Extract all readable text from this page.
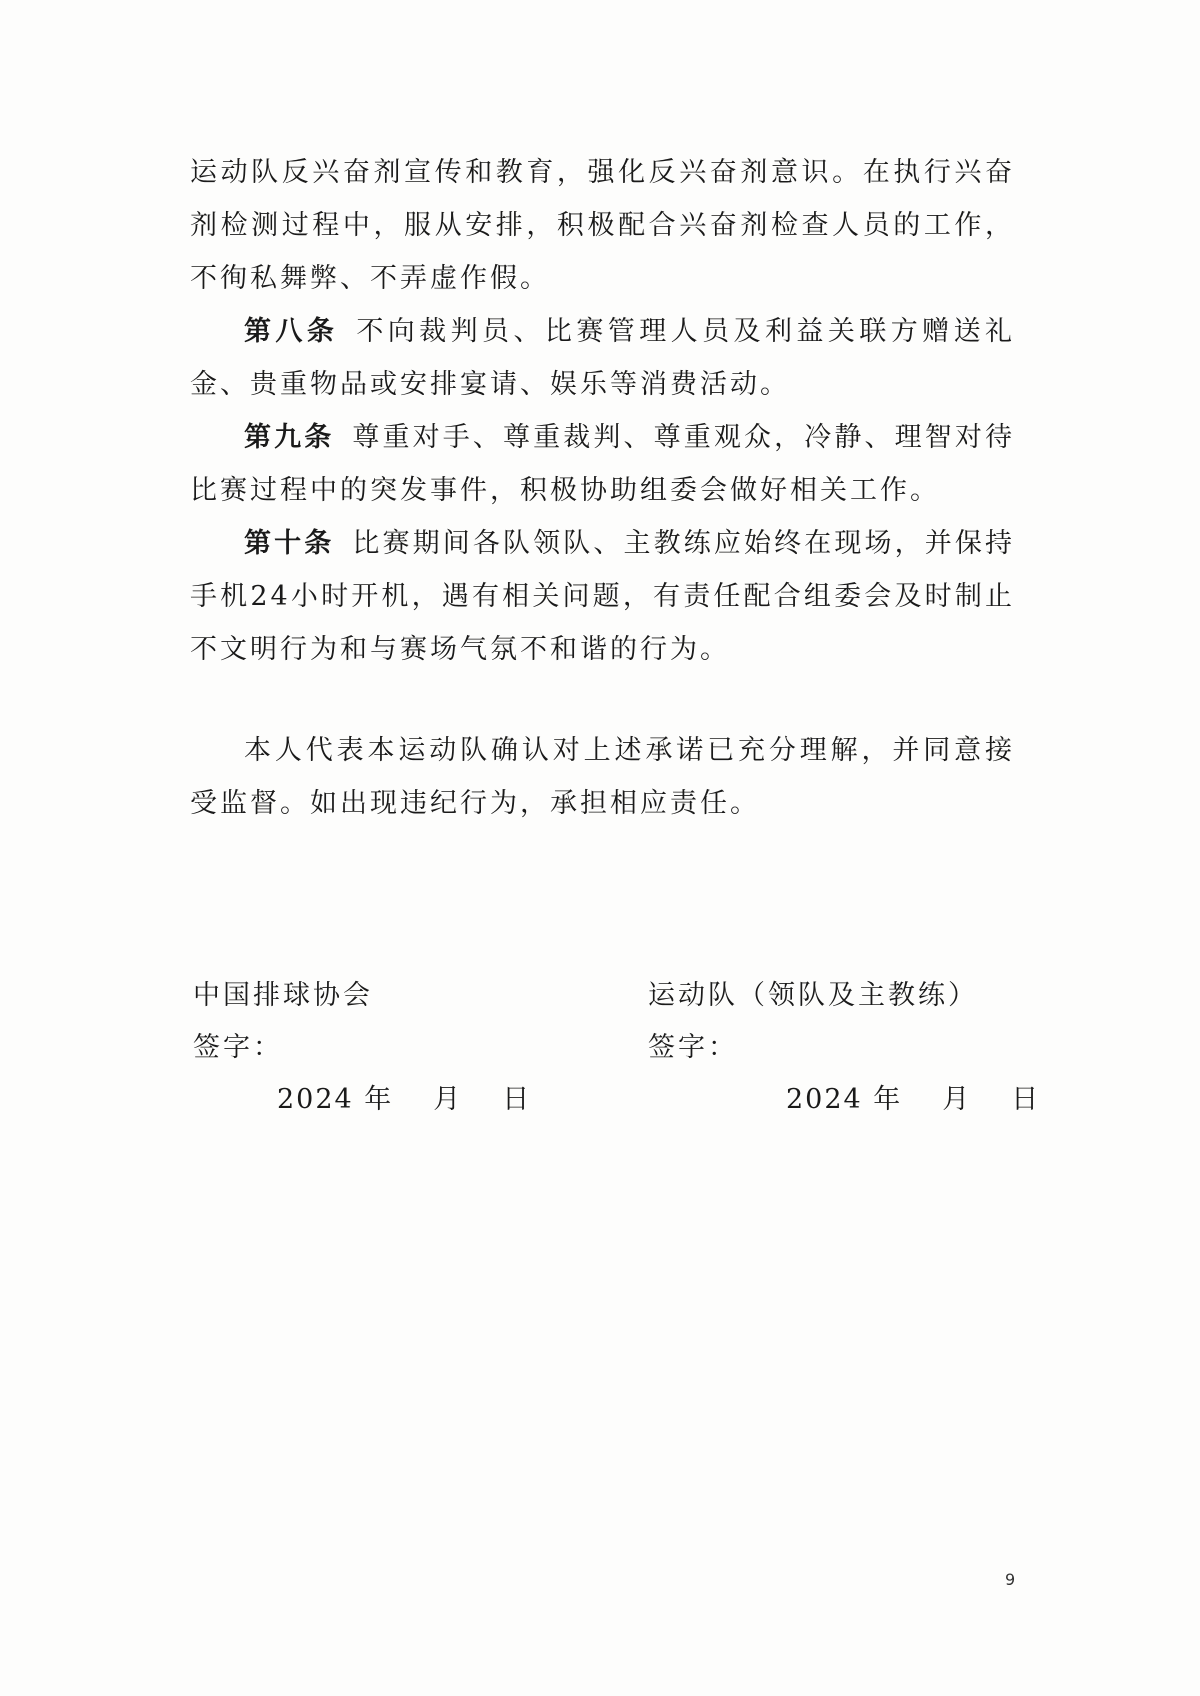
运动队反兴奋剂宣传和教育，强化反兴奋剂意识。在执行兴奋剂检测过程中，服从安排，积极配合兴奋剂检查人员的工作，不徇私舞弊、不弄虚作假。

第八条 不向裁判员、比赛管理人员及利益关联方赠送礼金、贵重物品或安排宴请、娱乐等消费活动。

第九条 尊重对手、尊重裁判、尊重观众，冷静、理智对待比赛过程中的突发事件，积极协助组委会做好相关工作。

第十条 比赛期间各队领队、主教练应始终在现场，并保持手机24小时开机，遇有相关问题，有责任配合组委会及时制止不文明行为和与赛场气氛不和谐的行为。

本人代表本运动队确认对上述承诺已充分理解，并同意接受监督。如出现违纪行为，承担相应责任。

中国排球协会
签字：
2024 年 月 日
运动队（领队及主教练）
签字：
2024 年 月 日
9
